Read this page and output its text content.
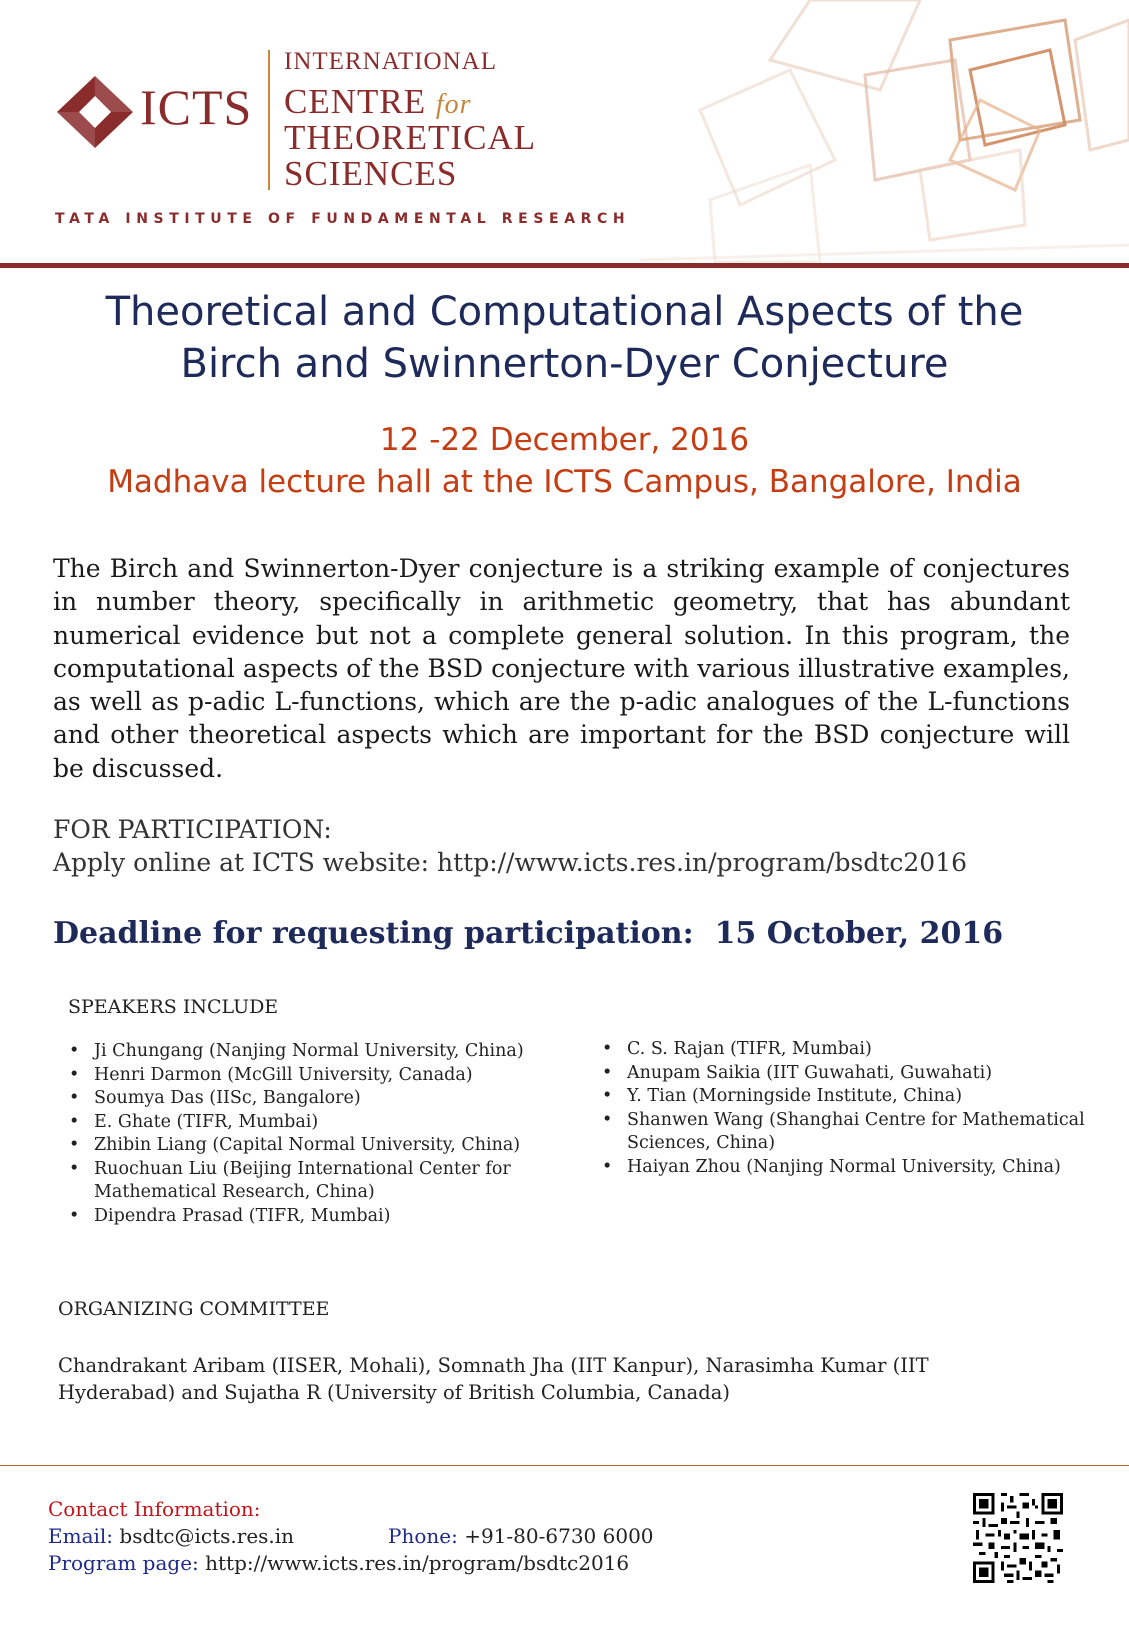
ICTS
INTERNATIONAL
CENTRE for
THEORETICAL
SCIENCES
TATA INSTITUTE OF FUNDAMENTAL RESEARCH
Theoretical and Computational Aspects of the
Birch and Swinnerton-Dyer Conjecture
12 -22 December, 2016
Madhava lecture hall at the ICTS Campus, Bangalore, India
The Birch and Swinnerton-Dyer conjecture is a striking example of conjectures in number theory, specifically in arithmetic geometry, that has abundant numerical evidence but not a complete general solution. In this program, the computational aspects of the BSD conjecture with various illustrative examples, as well as p-adic L-functions, which are the p-adic analogues of the L-functions and other theoretical aspects which are important for the BSD conjecture will be discussed.
FOR PARTICIPATION:
Apply online at ICTS website: http://www.icts.res.in/program/bsdtc2016
Deadline for requesting participation: 15 October, 2016
SPEAKERS INCLUDE
• Ji Chungang (Nanjing Normal University, China)
• Henri Darmon (McGill University, Canada)
• Soumya Das (IISc, Bangalore)
• E. Ghate (TIFR, Mumbai)
• Zhibin Liang (Capital Normal University, China)
• Ruochuan Liu (Beijing International Center for Mathematical Research, China)
• Dipendra Prasad (TIFR, Mumbai)
• C. S. Rajan (TIFR, Mumbai)
• Anupam Saikia (IIT Guwahati, Guwahati)
• Y. Tian (Morningside Institute, China)
• Shanwen Wang (Shanghai Centre for Mathematical Sciences, China)
• Haiyan Zhou (Nanjing Normal University, China)
ORGANIZING COMMITTEE
Chandrakant Aribam (IISER, Mohali), Somnath Jha (IIT Kanpur), Narasimha Kumar (IIT Hyderabad) and Sujatha R (University of British Columbia, Canada)
Contact Information:
Email: bsdtc@icts.res.in	Phone: +91-80-6730 6000
Program page: http://www.icts.res.in/program/bsdtc2016
